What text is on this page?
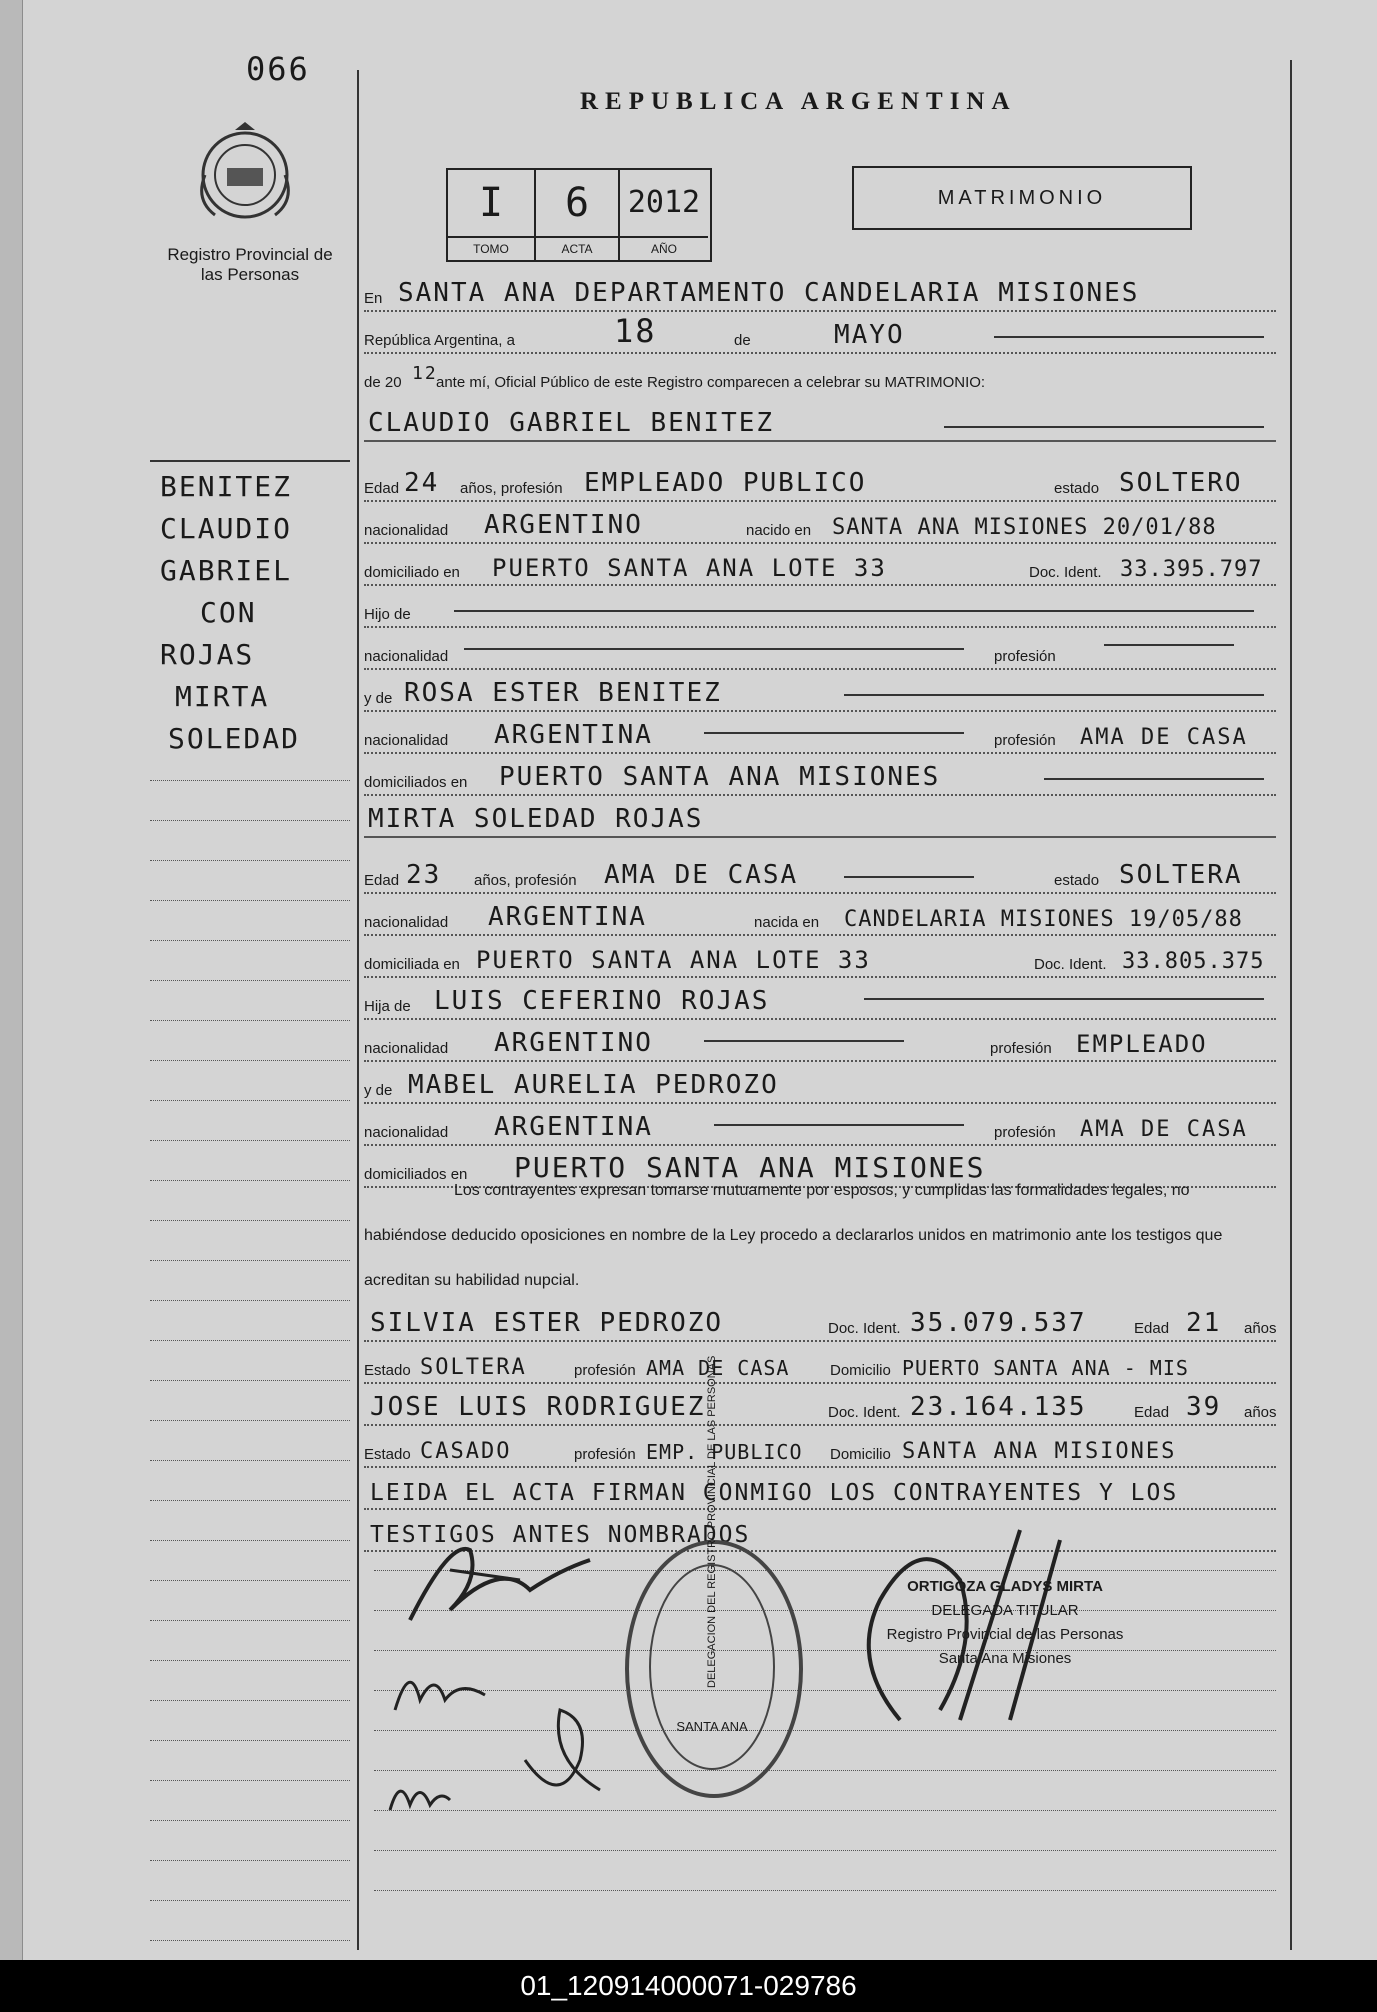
066
Registro Provincial de las Personas
REPUBLICA ARGENTINA
I	6	2012
TOMO	ACTA	AÑO
MATRIMONIO
BENITEZ
CLAUDIO
GABRIEL
CON
ROJAS
MIRTA
SOLEDAD
En SANTA ANA DEPARTAMENTO CANDELARIA MISIONES
República Argentina, a	18	de	MAYO
de 20 12
ante mí, Oficial Público de este Registro comparecen a celebrar su MATRIMONIO:
CLAUDIO GABRIEL BENITEZ
Edad 24 años, profesión EMPLEADO PUBLICO	estado SOLTERO
nacionalidad ARGENTINO	nacido en SANTA ANA MISIONES 20/01/88
domiciliado en PUERTO SANTA ANA LOTE 33	Doc. Ident. 33.395.797
Hijo de
nacionalidad	profesión
y de ROSA ESTER BENITEZ
nacionalidad ARGENTINA	profesión AMA DE CASA
domiciliados en PUERTO SANTA ANA MISIONES
MIRTA SOLEDAD ROJAS
Edad 23 años, profesión AMA DE CASA	estado SOLTERA
nacionalidad ARGENTINA	nacida en CANDELARIA MISIONES 19/05/88
domiciliada en PUERTO SANTA ANA LOTE 33	Doc. Ident. 33.805.375
Hija de LUIS CEFERINO ROJAS
nacionalidad ARGENTINO	profesión EMPLEADO
y de MABEL AURELIA PEDROZO
nacionalidad ARGENTINA	profesión AMA DE CASA
domiciliados en PUERTO SANTA ANA MISIONES
Los contrayentes expresan tomarse mutuamente por esposos, y cumplidas las formalidades legales, no habiéndose deducido oposiciones en nombre de la Ley procedo a declararlos unidos en matrimonio ante los testigos que acreditan su habilidad nupcial.
SILVIA ESTER PEDROZO	Doc. Ident. 35.079.537	Edad 21 años
Estado SOLTERA	profesión AMA DE CASA	Domicilio PUERTO SANTA ANA - MIS
JOSE LUIS RODRIGUEZ	Doc. Ident. 23.164.135	Edad 39 años
Estado CASADO	profesión EMP. PUBLICO Domicilio SANTA ANA MISIONES
LEIDA EL ACTA FIRMAN CONMIGO LOS CONTRAYENTES Y LOS
TESTIGOS ANTES NOMBRADOS
DELEGACION DEL REGISTRO PROVINCIAL DE LAS PERSONAS
SANTA ANA
ORTIGOZA GLADYS MIRTA
DELEGADA TITULAR
Registro Provincial de las Personas
Santa Ana Misiones
01_120914000071-029786
